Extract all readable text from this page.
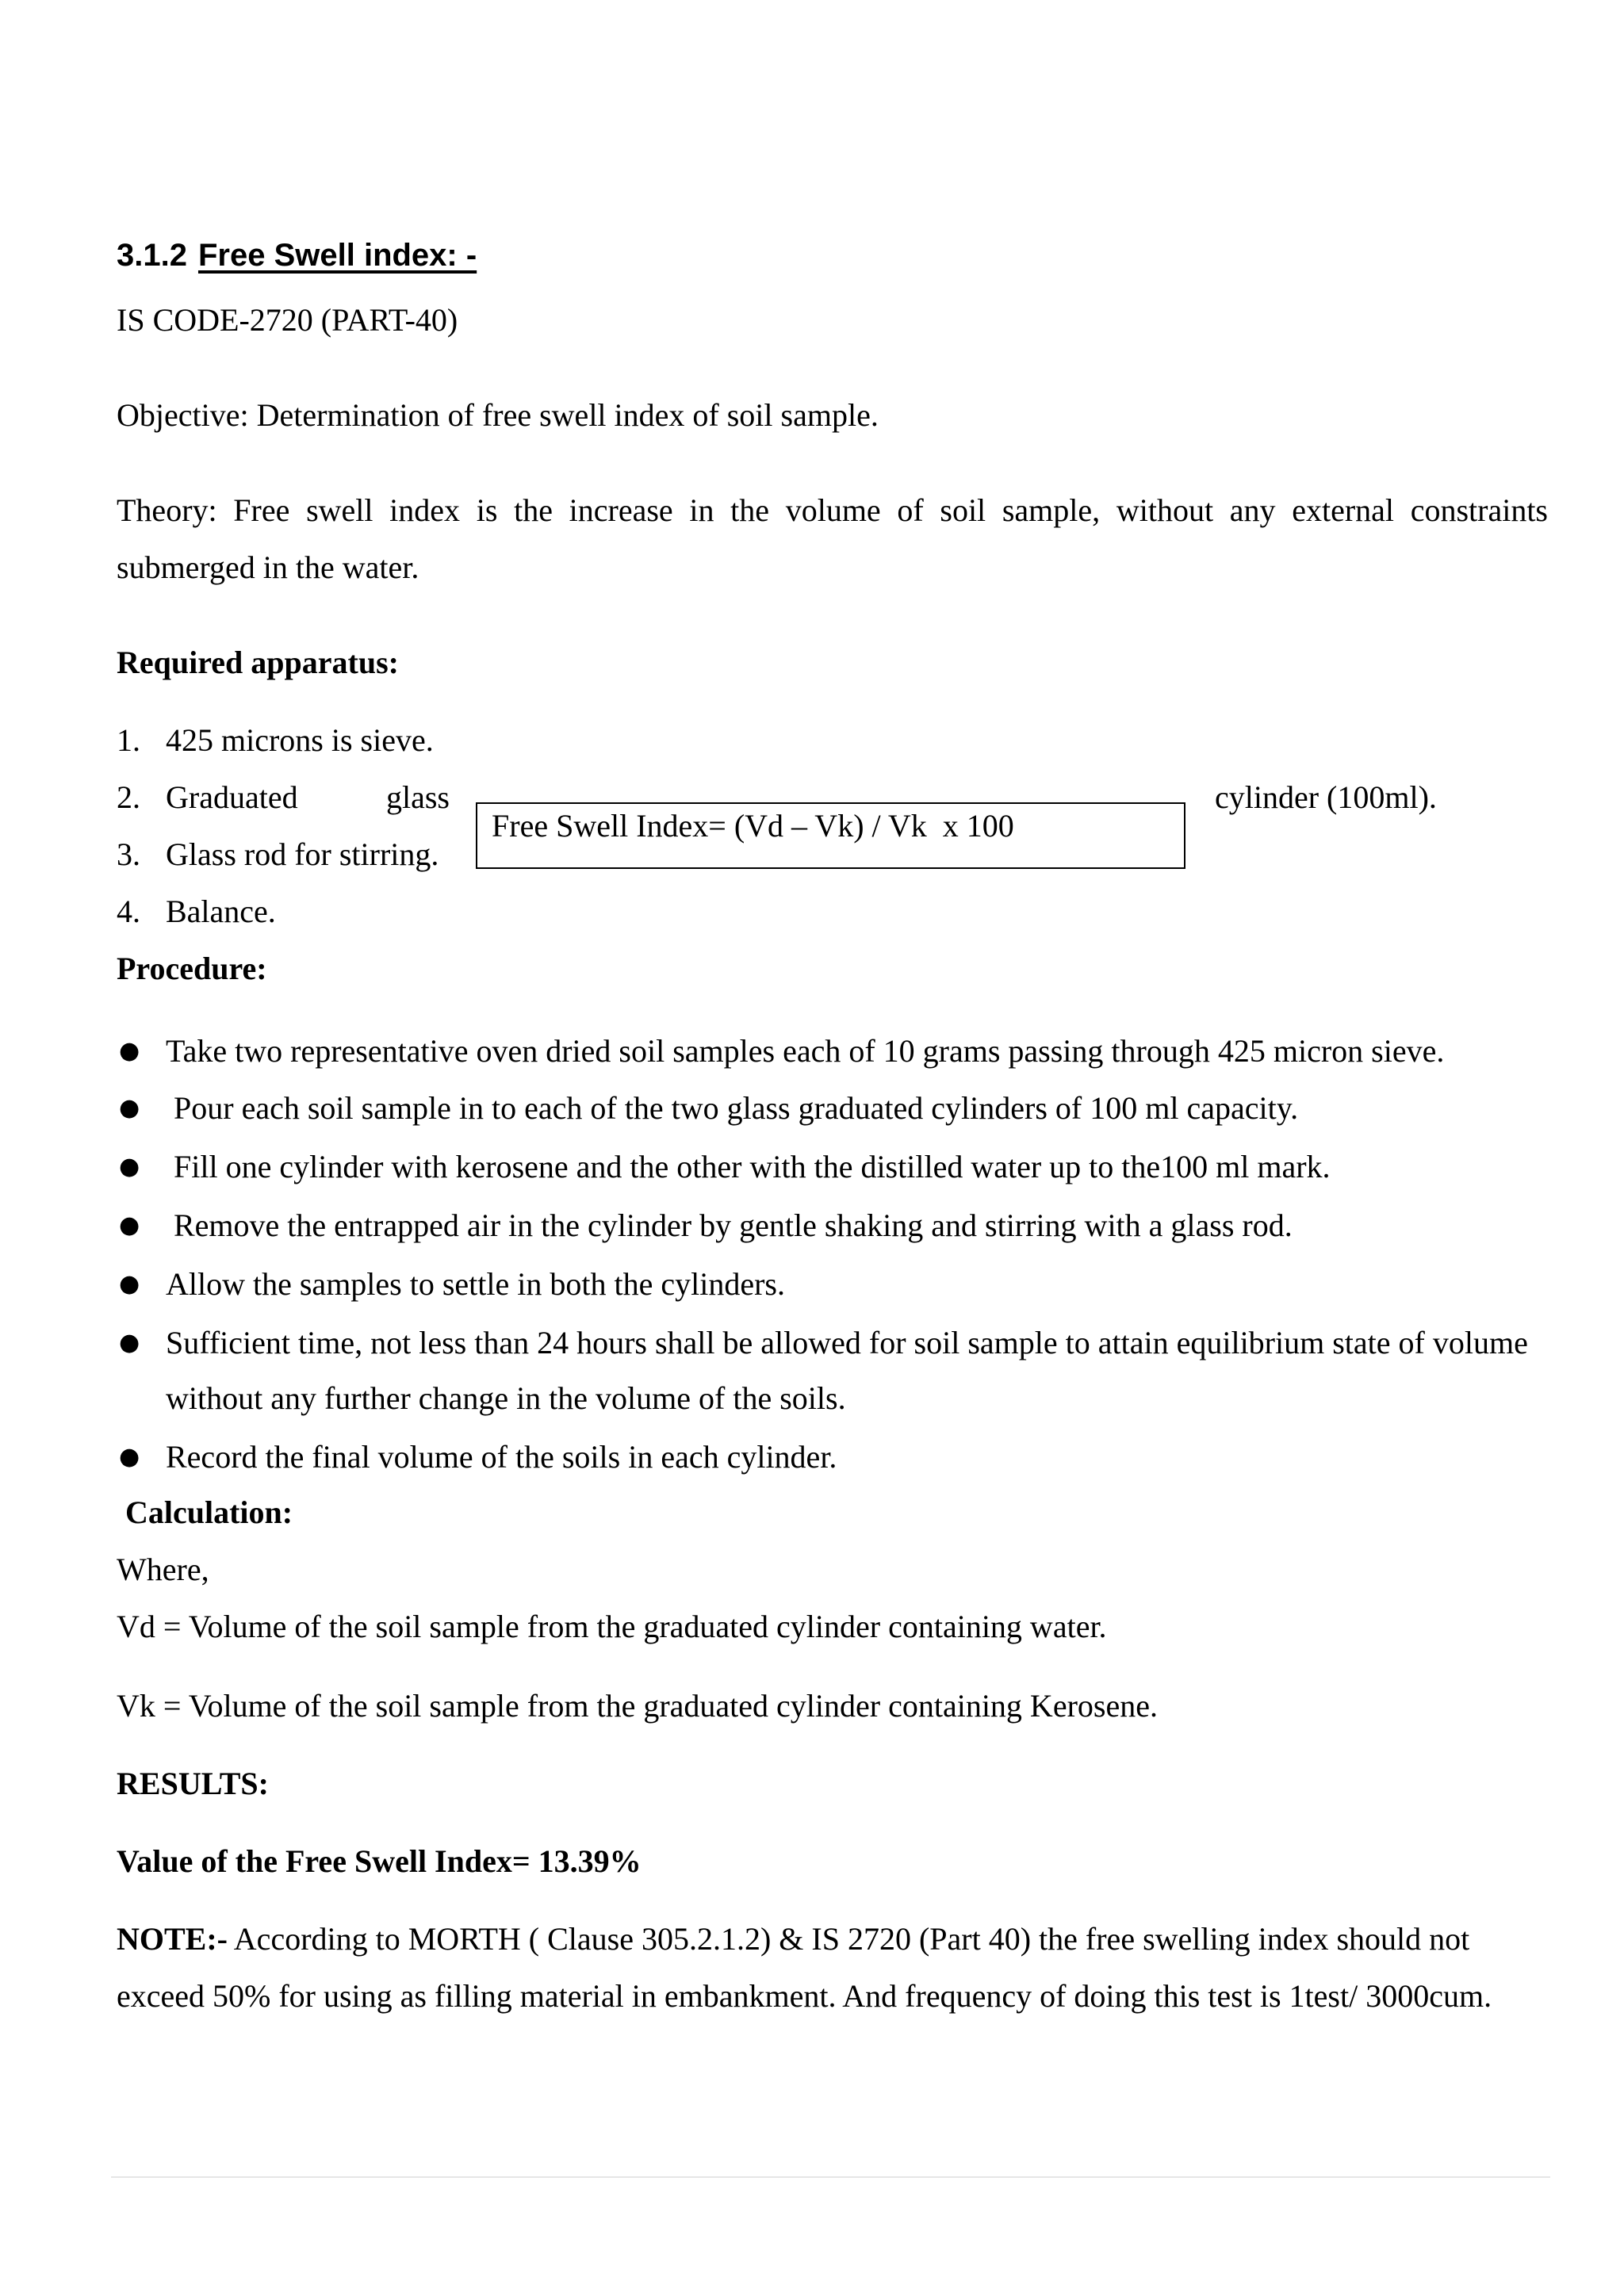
3.1.2 Free Swell index: -
IS CODE-2720 (PART-40)
Objective: Determination of free swell index of soil sample.
Theory: Free swell index is the increase in the volume of soil sample, without any external constraints
submerged in the water.
Required apparatus:
1. 425 microns is sieve.
2. Graduated	glass	cylinder (100ml).
3. Glass rod for stirring.
4. Balance.
Free Swell Index= (Vd – Vk) / Vk  x 100
Procedure:
● Take two representative oven dried soil samples each of 10 grams passing through 425 micron sieve.
● Pour each soil sample in to each of the two glass graduated cylinders of 100 ml capacity.
● Fill one cylinder with kerosene and the other with the distilled water up to the100 ml mark.
● Remove the entrapped air in the cylinder by gentle shaking and stirring with a glass rod.
● Allow the samples to settle in both the cylinders.
● Sufficient time, not less than 24 hours shall be allowed for soil sample to attain equilibrium state of volume
without any further change in the volume of the soils.
● Record the final volume of the soils in each cylinder.
Calculation:
Where,
Vd = Volume of the soil sample from the graduated cylinder containing water.
Vk = Volume of the soil sample from the graduated cylinder containing Kerosene.
RESULTS:
Value of the Free Swell Index= 13.39%
NOTE:- According to MORTH ( Clause 305.2.1.2) & IS 2720 (Part 40) the free swelling index should not
exceed 50% for using as filling material in embankment. And frequency of doing this test is 1test/ 3000cum.
